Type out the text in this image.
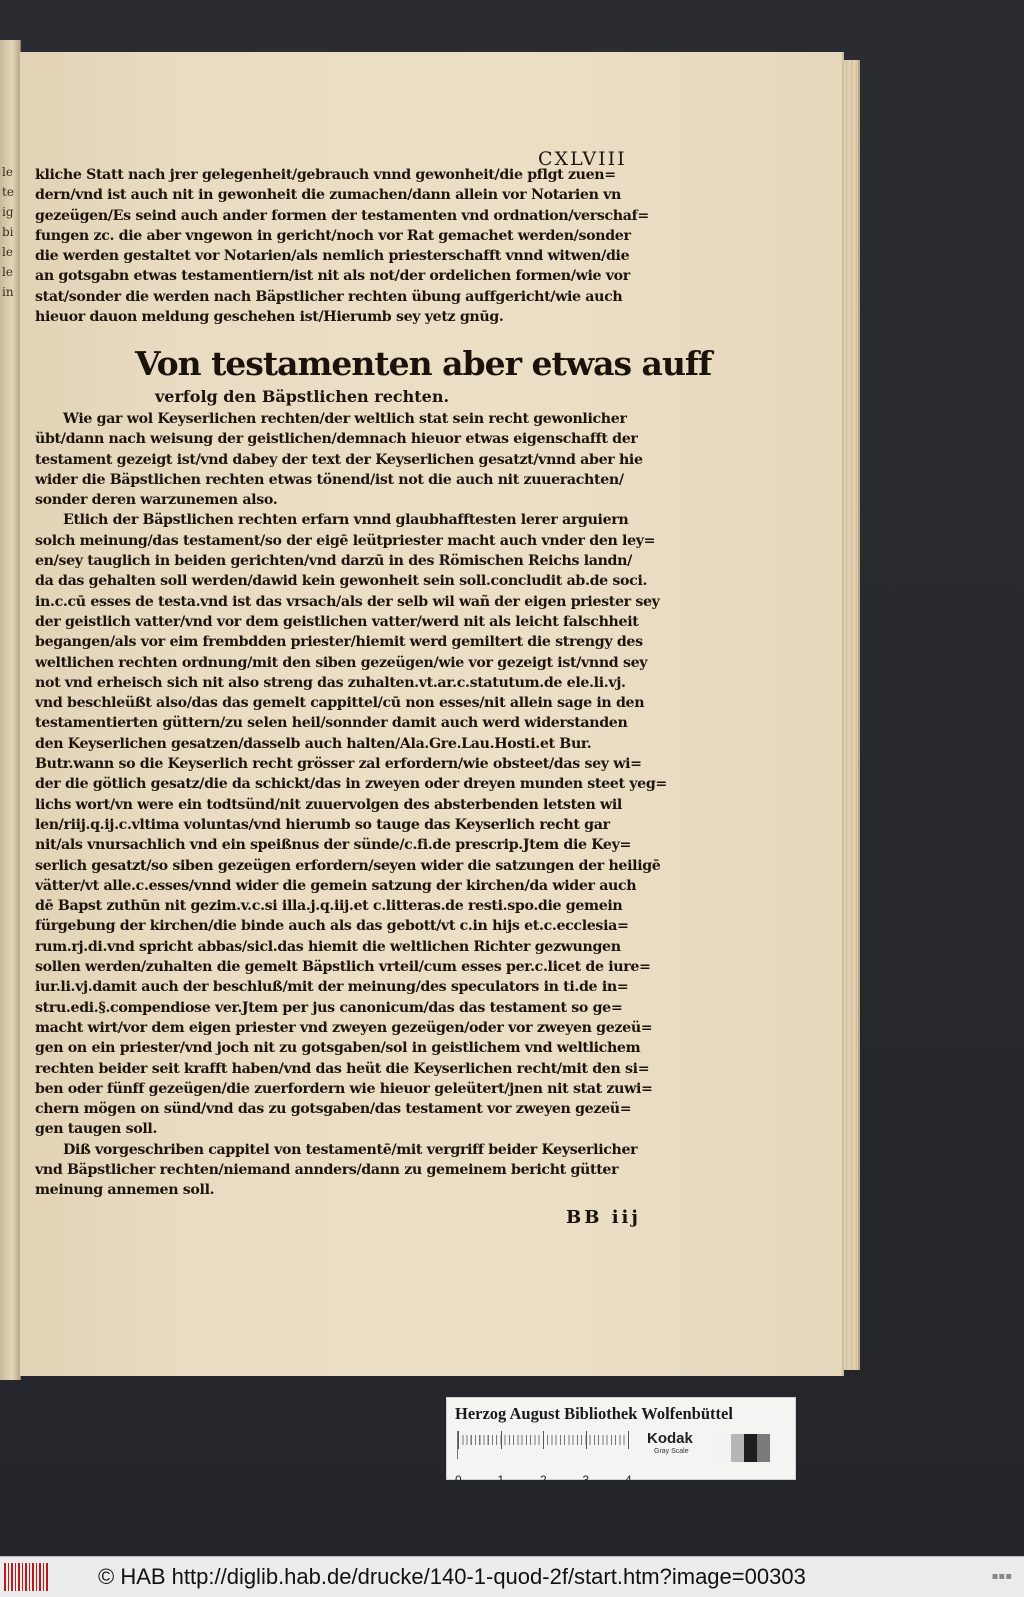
le
te
ig
bi
le
le
in
CXLVIII
kliche Statt nach jrer gelegenheit/gebrauch vnnd gewonheit/die pflgt zuen=
dern/vnd ist auch nit in gewonheit die zumachen/dann allein vor Notarien vn
gezeügen/Es seind auch ander formen der testamenten vnd ordnation/verschaf=
fungen zc. die aber vngewon in gericht/noch vor Rat gemachet werden/sonder
die werden gestaltet vor Notarien/als nemlich priesterschafft vnnd witwen/die
an gotsgabn etwas testamentiern/ist nit als not/der ordelichen formen/wie vor
stat/sonder die werden nach Bäpstlicher rechten übung auffgericht/wie auch
hieuor dauon meldung geschehen ist/Hierumb sey yetz gnūg.
Von testamenten aber etwas auff
verfolg den Bäpstlichen rechten.
Wie gar wol Keyserlichen rechten/der weltlich stat sein recht gewonlicher
übt/dann nach weisung der geistlichen/demnach hieuor etwas eigenschafft der
testament gezeigt ist/vnd dabey der text der Keyserlichen gesatzt/vnnd aber hie
wider die Bäpstlichen rechten etwas tönend/ist not die auch nit zuuerachten/
sonder deren warzunemen also.
Etlich der Bäpstlichen rechten erfarn vnnd glaubhafftesten lerer arguiern
solch meinung/das testament/so der eigē leütpriester macht auch vnder den ley=
en/sey tauglich in beiden gerichten/vnd darzū in des Römischen Reichs landn/
da das gehalten soll werden/dawid kein gewonheit sein soll.concludit ab.de soci.
in.c.cū esses de testa.vnd ist das vrsach/als der selb wil wañ der eigen priester sey
der geistlich vatter/vnd vor dem geistlichen vatter/werd nit als leicht falschheit
begangen/als vor eim frembdden priester/hiemit werd gemiltert die strengy des
weltlichen rechten ordnung/mit den siben gezeügen/wie vor gezeigt ist/vnnd sey
not vnd erheisch sich nit also streng das zuhalten.vt.ar.c.statutum.de ele.li.vj.
vnd beschleüßt also/das das gemelt cappittel/cū non esses/nit allein sage in den
testamentierten güttern/zu selen heil/sonnder damit auch werd widerstanden
den Keyserlichen gesatzen/dasselb auch halten/Ala.Gre.Lau.Hosti.et Bur.
Butr.wann so die Keyserlich recht grösser zal erfordern/wie obsteet/das sey wi=
der die götlich gesatz/die da schickt/das in zweyen oder dreyen munden steet yeg=
lichs wort/vn were ein todtsünd/nit zuuervolgen des absterbenden letsten wil
len/riij.q.ij.c.vltima voluntas/vnd hierumb so tauge das Keyserlich recht gar
nit/als vnursachlich vnd ein speißnus der sünde/c.fi.de prescrip.Jtem die Key=
serlich gesatzt/so siben gezeügen erfordern/seyen wider die satzungen der heiligē
vätter/vt alle.c.esses/vnnd wider die gemein satzung der kirchen/da wider auch
dē Bapst zuthūn nit gezim.v.c.si illa.j.q.iij.et c.litteras.de resti.spo.die gemein
fürgebung der kirchen/die binde auch als das gebott/vt c.in hijs et.c.ecclesia=
rum.rj.di.vnd spricht abbas/sicl.das hiemit die weltlichen Richter gezwungen
sollen werden/zuhalten die gemelt Bäpstlich vrteil/cum esses per.c.licet de iure=
iur.li.vj.damit auch der beschluß/mit der meinung/des speculators in ti.de in=
stru.edi.§.compendiose ver.Jtem per jus canonicum/das das testament so ge=
macht wirt/vor dem eigen priester vnd zweyen gezeügen/oder vor zweyen gezeü=
gen on ein priester/vnd joch nit zu gotsgaben/sol in geistlichem vnd weltlichem
rechten beider seit krafft haben/vnd das heüt die Keyserlichen recht/mit den si=
ben oder fünff gezeügen/die zuerfordern wie hieuor geleütert/jnen nit stat zuwi=
chern mögen on sünd/vnd das zu gotsgaben/das testament vor zweyen gezeü=
gen taugen soll.
Diß vorgeschriben cappitel von testamentē/mit vergriff beider Keyserlicher
vnd Bäpstlicher rechten/niemand annders/dann zu gemeinem bericht gütter
meinung annemen soll.
BB iij
Herzog August Bibliothek Wolfenbüttel
0	1	2	3	4
Kodak
Gray Scale
© HAB http://diglib.hab.de/drucke/140-1-quod-2f/start.htm?image=00303	▪▪▪
